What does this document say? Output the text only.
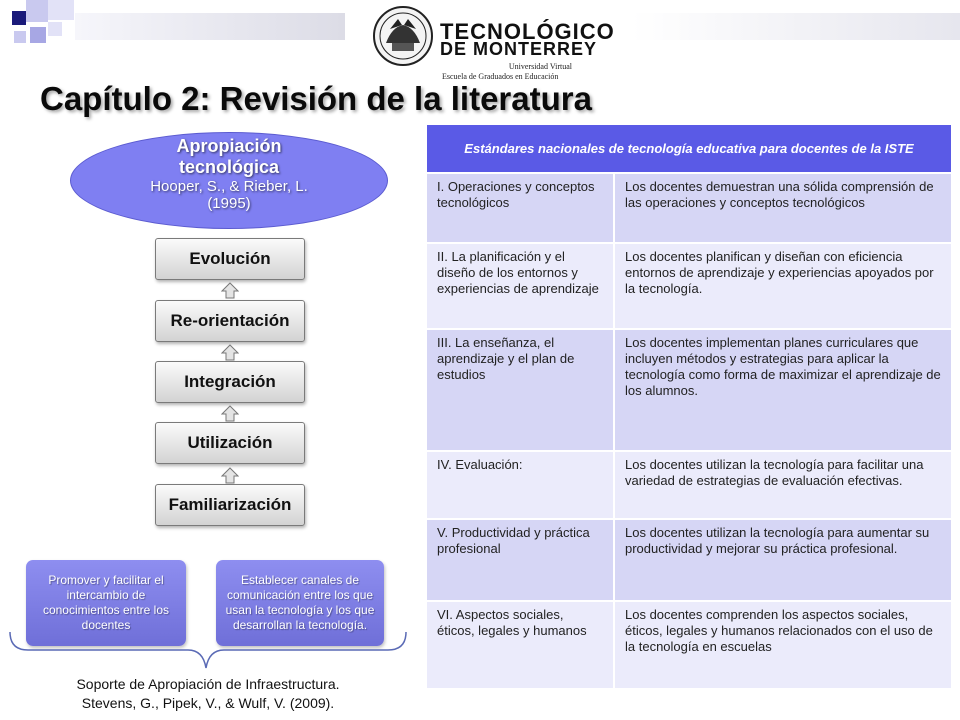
TECNOLÓGICO
DE MONTERREY
Universidad Virtual
Escuela de Graduados en Educación
Capítulo 2: Revisión de la literatura
Apropiación
tecnológica
Hooper, S., & Rieber, L.
(1995)
Evolución
Re-orientación
Integración
Utilización
Familiarización
Promover y facilitar el intercambio de conocimientos entre los docentes
Establecer canales de comunicación entre los que usan la tecnología y los que desarrollan la tecnología.
Soporte de Apropiación de Infraestructura.
Stevens, G., Pipek, V., & Wulf, V. (2009).
Estándares nacionales de tecnología educativa para docentes de la ISTE	
I. Operaciones y conceptos tecnológicos	Los docentes demuestran una sólida comprensión de las operaciones y conceptos tecnológicos
II. La planificación y el diseño de los entornos y experiencias de aprendizaje	Los docentes planifican y diseñan con eficiencia entornos de aprendizaje y experiencias apoyados por la tecnología.
III. La enseñanza, el aprendizaje y el plan de estudios	Los docentes implementan planes curriculares que incluyen métodos y estrategias para aplicar la tecnología como forma de maximizar el aprendizaje de los alumnos.
IV. Evaluación:	Los docentes utilizan la tecnología para facilitar una variedad de estrategias de evaluación efectivas.
V. Productividad y práctica profesional	Los docentes utilizan la tecnología para aumentar su productividad y mejorar su práctica profesional.
VI. Aspectos sociales, éticos, legales y humanos	Los docentes comprenden los aspectos sociales, éticos, legales y humanos relacionados con el uso de la tecnología en escuelas
